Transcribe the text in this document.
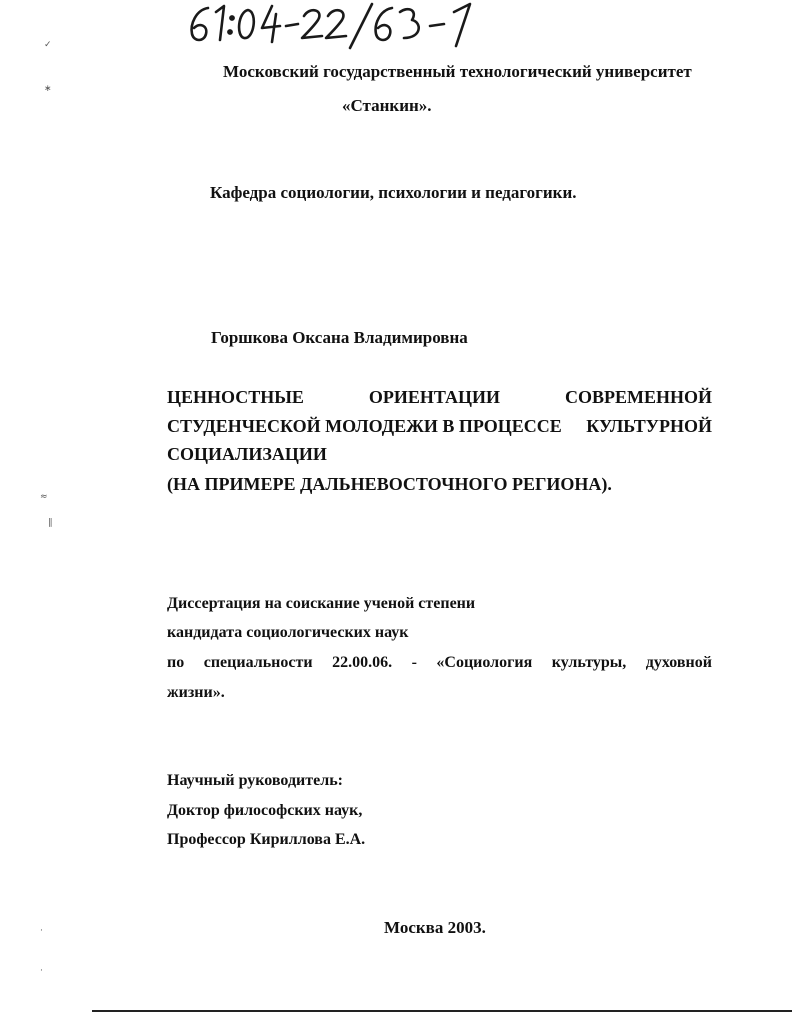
✓
∗
≈
∥
·
·
Московский государственный технологический университет
«Станкин».
Кафедра социологии, психологии и педагогики.
Горшкова Оксана Владимировна
ЦЕННОСТНЫЕ	ОРИЕНТАЦИИ	СОВРЕМЕННОЙ
СТУДЕНЧЕСКОЙ МОЛОДЕЖИ В ПРОЦЕССЕ КУЛЬТУРНОЙ
СОЦИАЛИЗАЦИИ
(НА ПРИМЕРЕ ДАЛЬНЕВОСТОЧНОГО РЕГИОНА).
Диссертация на соискание ученой степени
кандидата социологических наук
по специальности 22.00.06. - «Социология культуры, духовной
жизни».
Научный руководитель:
Доктор философских наук,
Профессор Кириллова Е.А.
Москва 2003.
